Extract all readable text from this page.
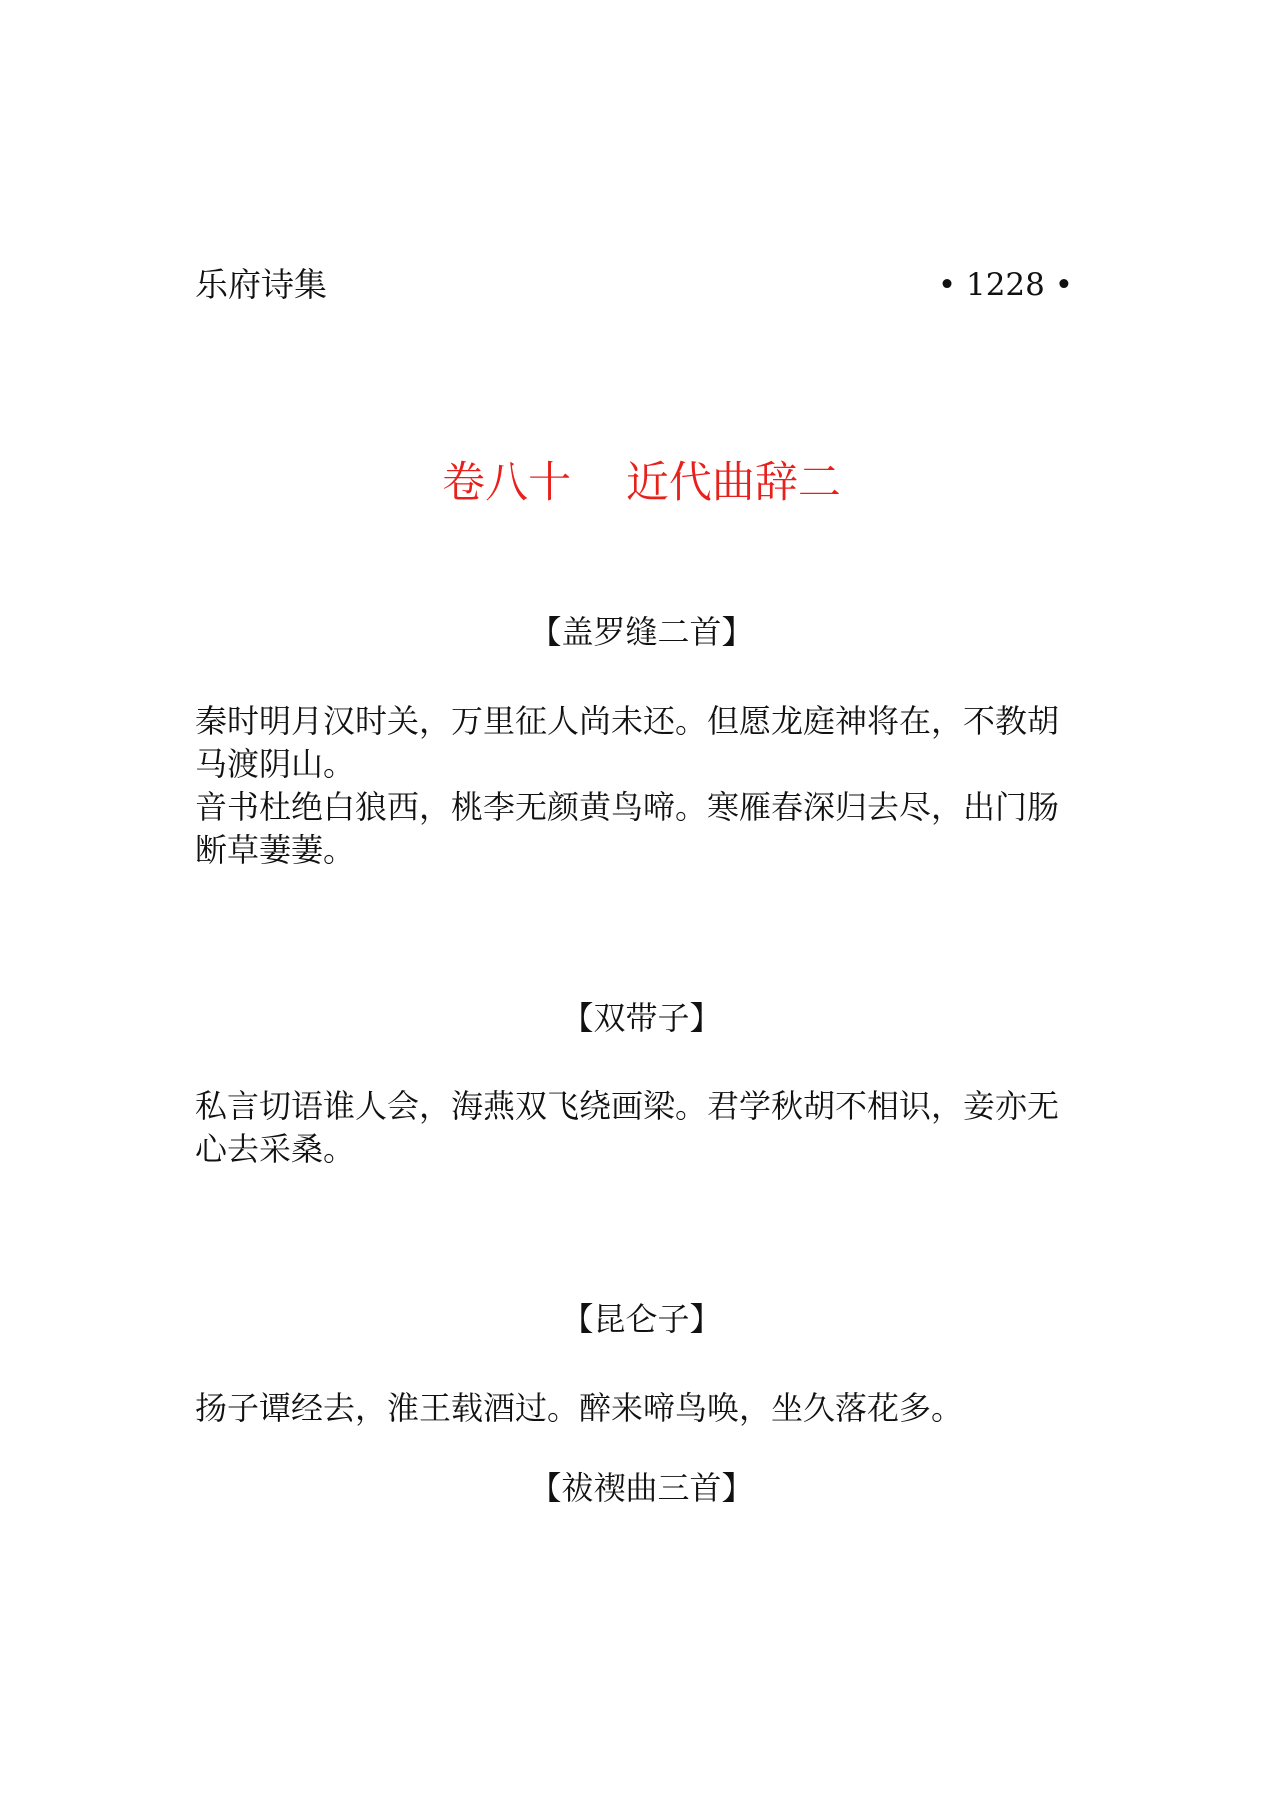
乐府诗集	• 1228 •
卷八十    近代曲辞二
【盖罗缝二首】

秦时明月汉时关，万里征人尚未还。但愿龙庭神将在，不教胡马渡阴山。

音书杜绝白狼西，桃李无颜黄鸟啼。寒雁春深归去尽，出门肠断草萋萋。

【双带子】

私言切语谁人会，海燕双飞绕画梁。君学秋胡不相识，妾亦无心去采桑。

【昆仑子】

扬子谭经去，淮王载酒过。醉来啼鸟唤，坐久落花多。

【祓禊曲三首】
